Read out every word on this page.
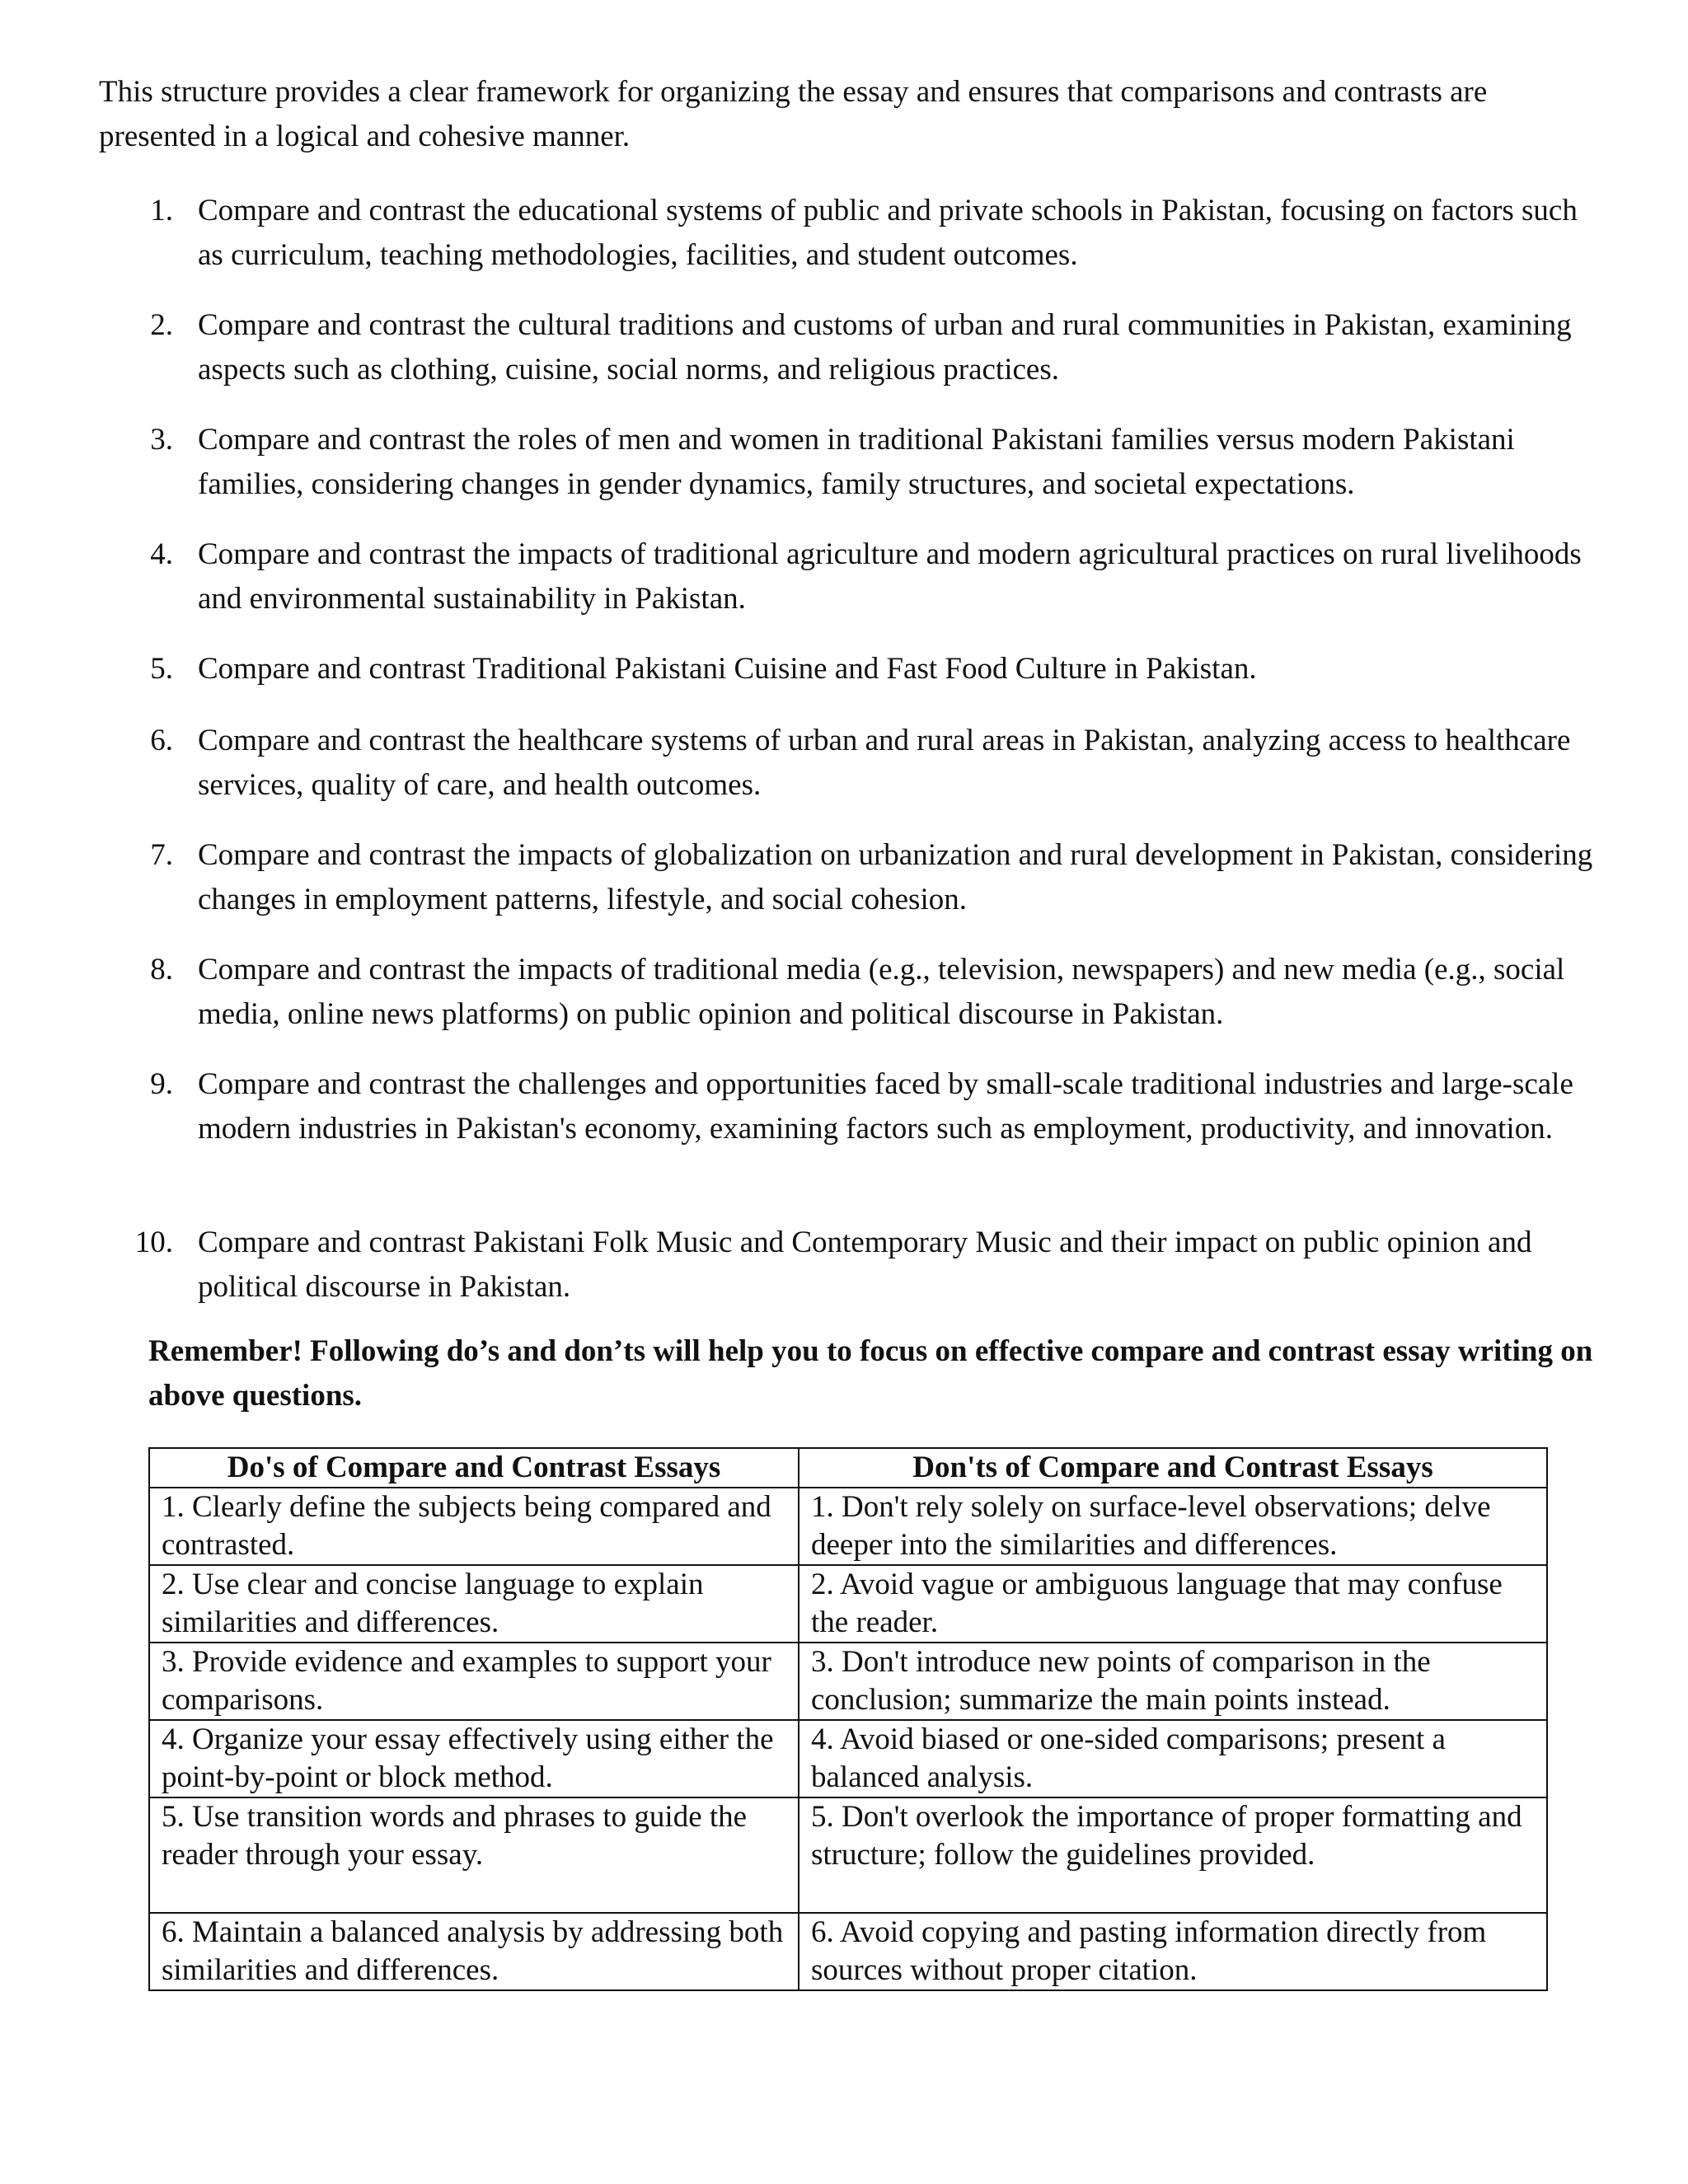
This structure provides a clear framework for organizing the essay and ensures that comparisons and contrasts are presented in a logical and cohesive manner.

1. Compare and contrast the educational systems of public and private schools in Pakistan, focusing on factors such as curriculum, teaching methodologies, facilities, and student outcomes.
2. Compare and contrast the cultural traditions and customs of urban and rural communities in Pakistan, examining aspects such as clothing, cuisine, social norms, and religious practices.
3. Compare and contrast the roles of men and women in traditional Pakistani families versus modern Pakistani families, considering changes in gender dynamics, family structures, and societal expectations.
4. Compare and contrast the impacts of traditional agriculture and modern agricultural practices on rural livelihoods and environmental sustainability in Pakistan.
5. Compare and contrast Traditional Pakistani Cuisine and Fast Food Culture in Pakistan.
6. Compare and contrast the healthcare systems of urban and rural areas in Pakistan, analyzing access to healthcare services, quality of care, and health outcomes.
7. Compare and contrast the impacts of globalization on urbanization and rural development in Pakistan, considering changes in employment patterns, lifestyle, and social cohesion.
8. Compare and contrast the impacts of traditional media (e.g., television, newspapers) and new media (e.g., social media, online news platforms) on public opinion and political discourse in Pakistan.
9. Compare and contrast the challenges and opportunities faced by small-scale traditional industries and large-scale modern industries in Pakistan's economy, examining factors such as employment, productivity, and innovation.
10. Compare and contrast Pakistani Folk Music and Contemporary Music and their impact on public opinion and political discourse in Pakistan.

Remember! Following do’s and don’ts will help you to focus on effective compare and contrast essay writing on above questions.

Do's of Compare and Contrast Essays	Don'ts of Compare and Contrast Essays
1. Clearly define the subjects being compared and contrasted.	1. Don't rely solely on surface-level observations; delve deeper into the similarities and differences.
2. Use clear and concise language to explain similarities and differences.	2. Avoid vague or ambiguous language that may confuse the reader.
3. Provide evidence and examples to support your comparisons.	3. Don't introduce new points of comparison in the conclusion; summarize the main points instead.
4. Organize your essay effectively using either the point-by-point or block method.	4. Avoid biased or one-sided comparisons; present a balanced analysis.
5. Use transition words and phrases to guide the reader through your essay.	5. Don't overlook the importance of proper formatting and structure; follow the guidelines provided.
6. Maintain a balanced analysis by addressing both similarities and differences.	6. Avoid copying and pasting information directly from sources without proper citation.
